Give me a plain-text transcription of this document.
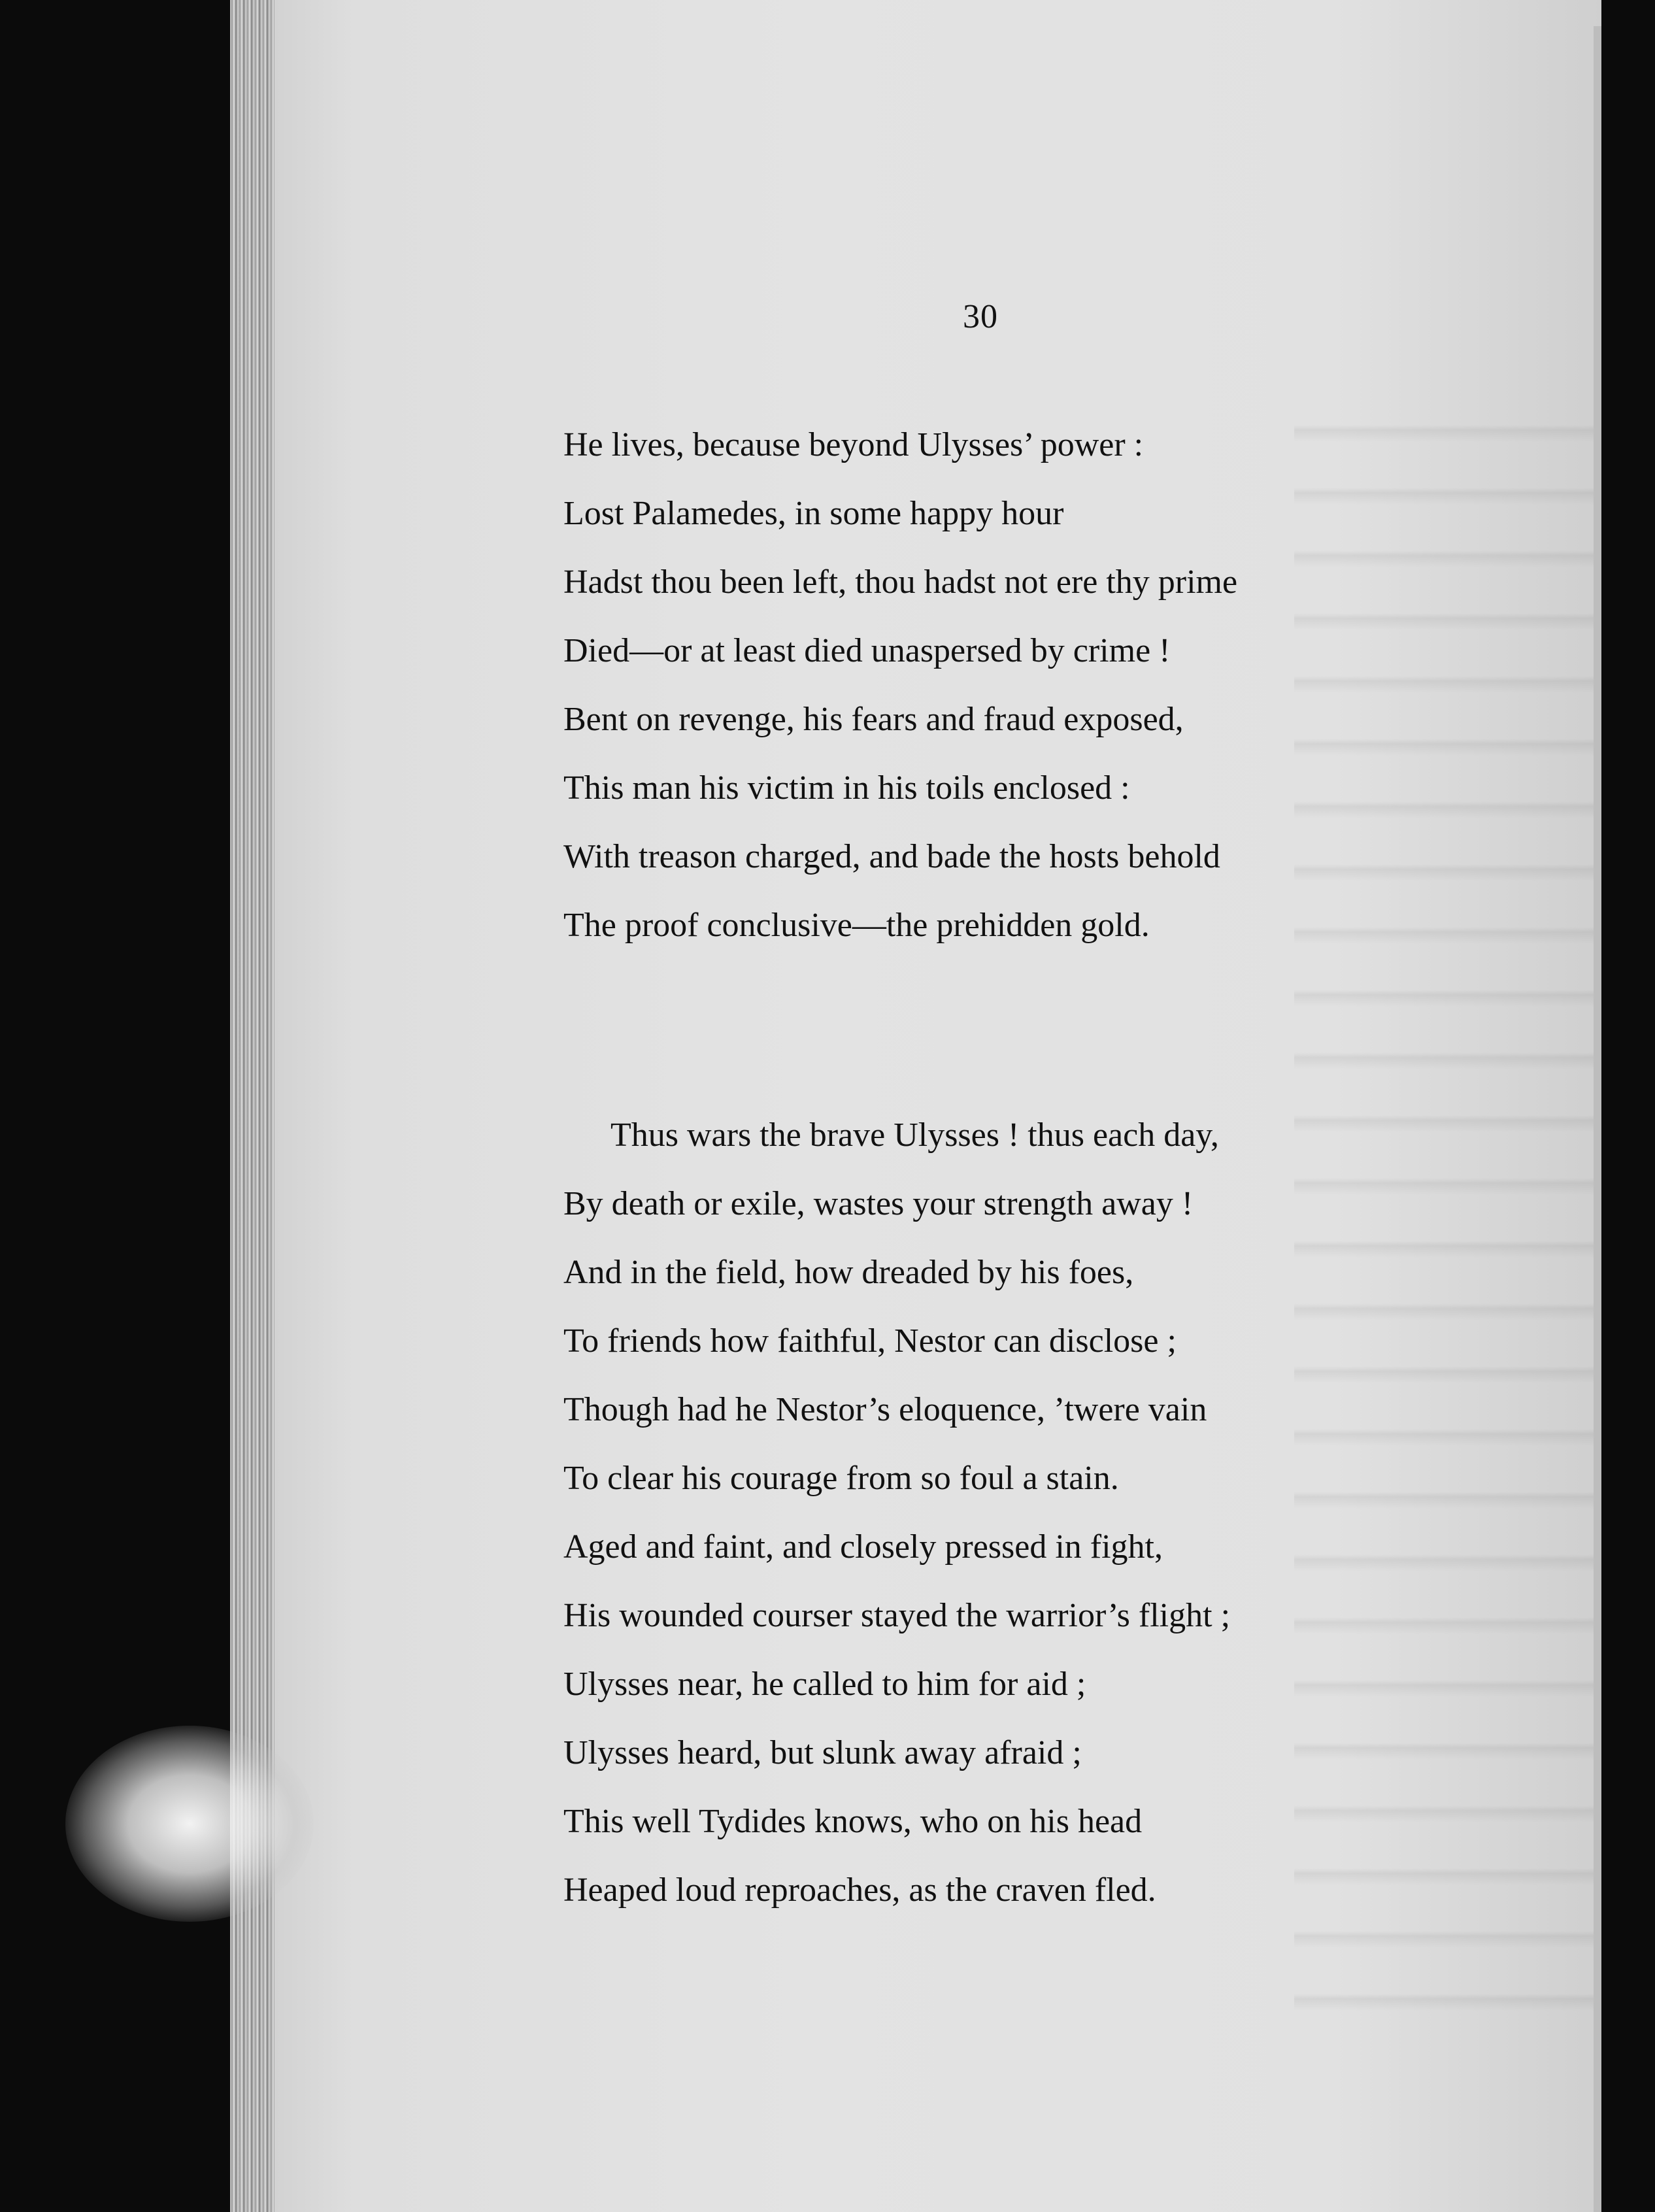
30
He lives, because beyond Ulysses’ power :
Lost Palamedes, in some happy hour
Hadst thou been left, thou hadst not ere thy prime
Died—or at least died unaspersed by crime !
Bent on revenge, his fears and fraud exposed,
This man his victim in his toils enclosed :
With treason charged, and bade the hosts behold
The proof conclusive—the prehidden gold.
Thus wars the brave Ulysses ! thus each day,
By death or exile, wastes your strength away !
And in the field, how dreaded by his foes,
To friends how faithful, Nestor can disclose ;
Though had he Nestor’s eloquence, ’twere vain
To clear his courage from so foul a stain.
Aged and faint, and closely pressed in fight,
His wounded courser stayed the warrior’s flight ;
Ulysses near, he called to him for aid ;
Ulysses heard, but slunk away afraid ;
This well Tydides knows, who on his head
Heaped loud reproaches, as the craven fled.
